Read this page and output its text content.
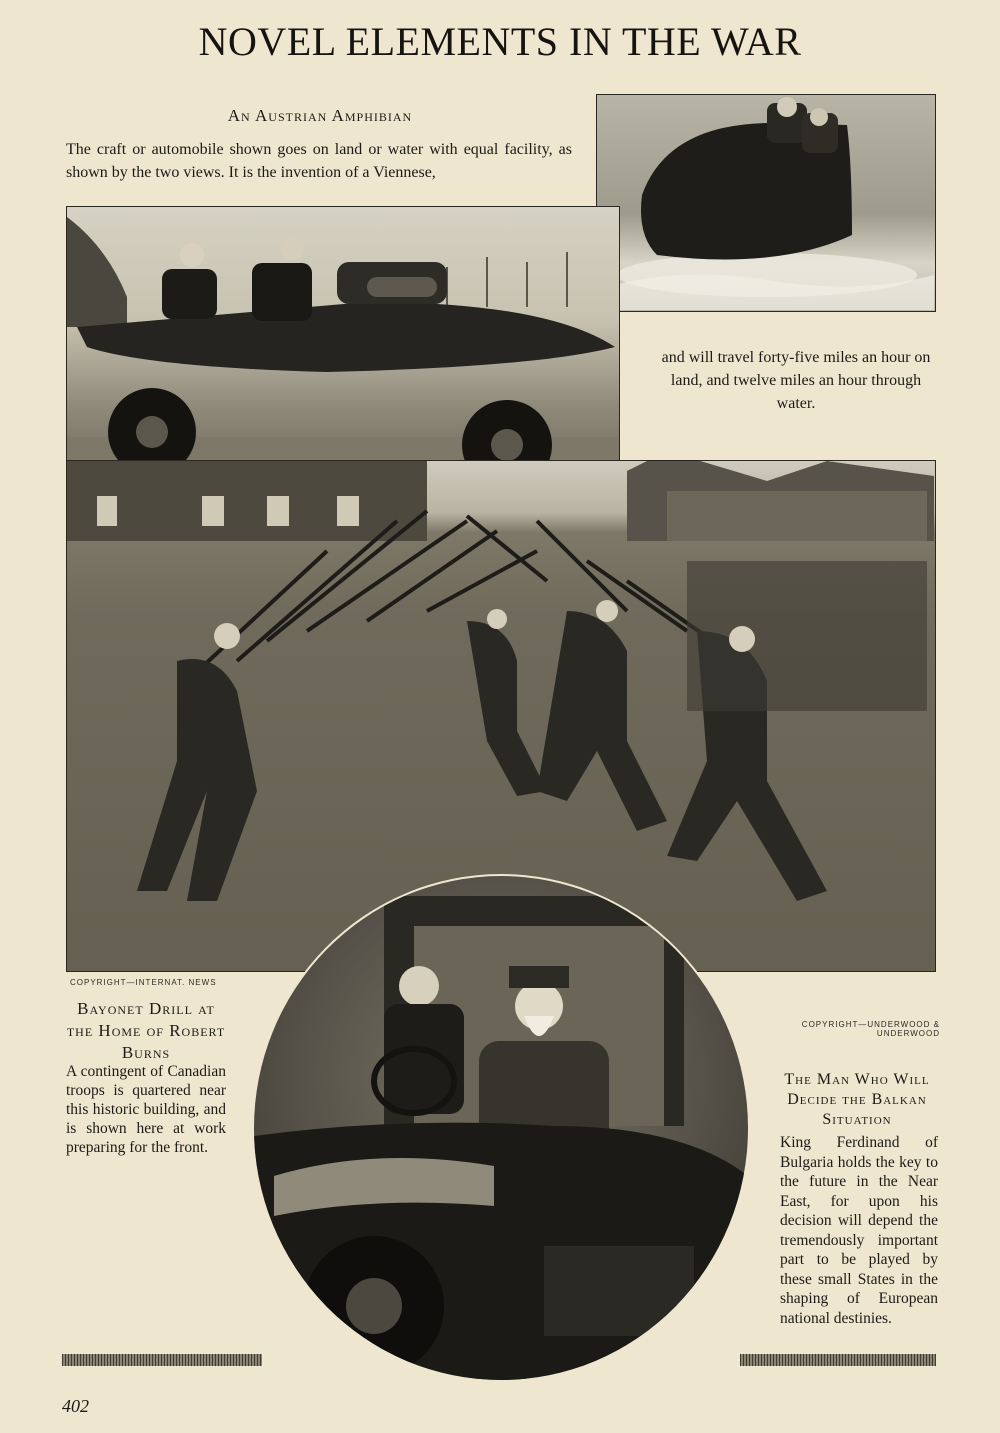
NOVEL ELEMENTS IN THE WAR
An Austrian Amphibian
The craft or automobile shown goes on land or water with equal facility, as shown by the two views. It is the invention of a Viennese,
and will travel forty-five miles an hour on land, and twelve miles an hour through water.
COPYRIGHT—INTERNAT. NEWS
Bayonet Drill at the Home of Robert Burns
A contingent of Canadian troops is quartered near this historic building, and is shown here at work preparing for the front.
COPYRIGHT—UNDERWOOD & UNDERWOOD
The Man Who Will Decide the Balkan Situation
King Ferdinand of Bulgaria holds the key to the future in the Near East, for upon his decision will depend the tremendously important part to be played by these small States in the shaping of European national destinies.
402
